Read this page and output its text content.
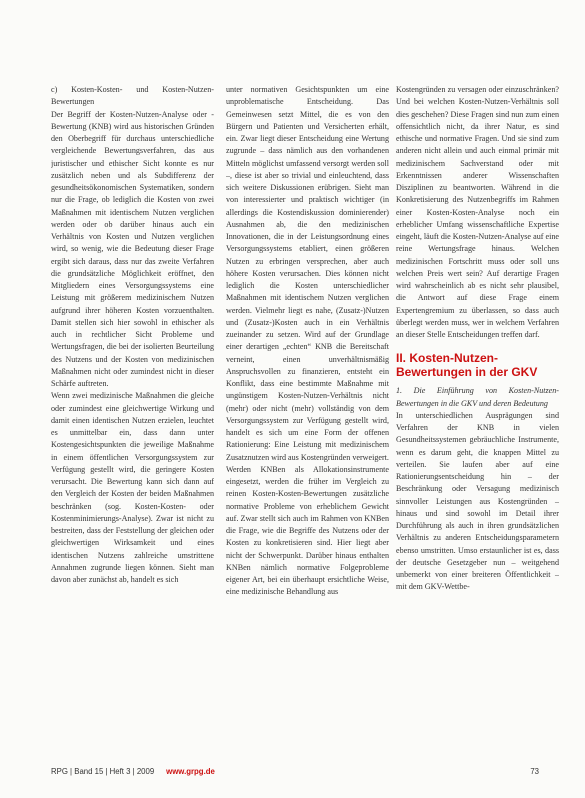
c) Kosten-Kosten- und Kosten-Nutzen-Bewertungen

Der Begriff der Kosten-Nutzen-Analyse oder -Bewertung (KNB) wird aus historischen Gründen den Oberbegriff für durchaus unterschiedliche vergleichende Bewertungsverfahren, das aus juristischer und ethischer Sicht konnte es nur zusätzlich neben und als Subdifferenz der gesundheitsökonomischen Systematiken, sondern nur die Frage, ob lediglich die Kosten von zwei Maßnahmen mit identischem Nutzen verglichen werden oder ob darüber hinaus auch ein Verhältnis von Kosten und Nutzen verglichen wird, so wenig, wie die Bedeutung dieser Frage ergibt sich daraus, dass nur das zweite Verfahren die grundsätzliche Möglichkeit eröffnet, den Mitgliedern eines Versorgungssystems eine Leistung mit größerem medizinischem Nutzen aufgrund ihrer höheren Kosten vorzuenthalten. Damit stellen sich hier sowohl in ethischer als auch in rechtlicher Sicht Probleme und Wertungsfragen, die bei der isolierten Beurteilung des Nutzens und der Kosten von medizinischen Maßnahmen nicht oder zumindest nicht in dieser Schärfe auftreten.

Wenn zwei medizinische Maßnahmen die gleiche oder zumindest eine gleichwertige Wirkung und damit einen identischen Nutzen erzielen, leuchtet es unmittelbar ein, dass dann unter Kostengesichtspunkten die jeweilige Maßnahme in einem öffentlichen Versorgungssystem zur Verfügung gestellt wird, die geringere Kosten verursacht. Die Bewertung kann sich dann auf den Vergleich der Kosten der beiden Maßnahmen beschränken (sog. Kosten-Kosten- oder Kostenminimierungs-Analyse). Zwar ist nicht zu bestreiten, dass der Feststellung der gleichen oder gleichwertigen Wirksamkeit und eines identischen Nutzens zahlreiche umstrittene Annahmen zugrunde liegen können. Sieht man davon aber zunächst ab, handelt es sich

unter normativen Gesichtspunkten um eine unproblematische Entscheidung. Das Gemeinwesen setzt Mittel, die es von den Bürgern und Patienten und Versicherten erhält, ein. Zwar liegt dieser Entscheidung eine Wertung zugrunde – dass nämlich aus den vorhandenen Mitteln möglichst umfassend versorgt werden soll –, diese ist aber so trivial und einleuchtend, dass sich weitere Diskussionen erübrigen. Sieht man von interessierter und praktisch wichtiger (in allerdings die Kostendiskussion dominierender) Ausnahmen ab, die den medizinischen Innovationen, die in der Leistungsordnung eines Versorgungssystems etabliert, einen größeren Nutzen zu erbringen versprechen, aber auch höhere Kosten verursachen. Dies können nicht lediglich die Kosten unterschiedlicher Maßnahmen mit identischem Nutzen verglichen werden. Vielmehr liegt es nahe, (Zusatz-)Nutzen und (Zusatz-)Kosten auch in ein Verhältnis zueinander zu setzen. Wird auf der Grundlage einer derartigen „echten“ KNB die Bereitschaft verneint, einen unverhältnismäßig Anspruchsvollen zu finanzieren, entsteht ein Konflikt, dass eine bestimmte Maßnahme mit ungünstigem Kosten-Nutzen-Verhältnis nicht (mehr) oder nicht (mehr) vollständig von dem Versorgungssystem zur Verfügung gestellt wird, handelt es sich um eine Form der offenen Rationierung: Eine Leistung mit medizinischem Zusatznutzen wird aus Kostengründen verweigert.

Werden KNBen als Allokationsinstrumente eingesetzt, werden die früher im Vergleich zu reinen Kosten-Kosten-Bewertungen zusätzliche normative Probleme von erheblichem Gewicht auf. Zwar stellt sich auch im Rahmen von KNBen die Frage, wie die Begriffe des Nutzens oder der Kosten zu konkretisieren sind. Hier liegt aber nicht der Schwerpunkt. Darüber hinaus enthalten KNBen nämlich normative Folgeprobleme eigener Art, bei ein überhaupt ersichtliche Weise, eine medizinische Behandlung aus

Kostengründen zu versagen oder einzuschränken? Und bei welchen Kosten-Nutzen-Verhältnis soll dies geschehen? Diese Fragen sind nun zum einen offensichtlich nicht, da ihrer Natur, es sind ethische und normative Fragen. Und sie sind zum anderen nicht allein und auch einmal primär mit medizinischem Sachverstand oder mit Erkenntnissen anderer Wissenschaften Disziplinen zu beantworten. Während in die Konkretisierung des Nutzenbegriffs im Rahmen einer Kosten-Kosten-Analyse noch ein erheblicher Umfang wissenschaftliche Expertise eingeht, läuft die Kosten-Nutzen-Analyse auf eine reine Wertungsfrage hinaus. Welchen medizinischen Fortschritt muss oder soll uns welchen Preis wert sein? Auf derartige Fragen wird wahrscheinlich ab es nicht sehr plausibel, die Antwort auf diese Frage einem Expertengremium zu überlassen, so dass auch überlegt werden muss, wer in welchem Verfahren an dieser Stelle Entscheidungen treffen darf.

II. Kosten-Nutzen-Bewertungen in der GKV

1. Die Einführung von Kosten-Nutzen-Bewertungen in die GKV und deren Bedeutung

In unterschiedlichen Ausprägungen sind Verfahren der KNB in vielen Gesundheitssystemen gebräuchliche Instrumente, wenn es darum geht, die knappen Mittel zu verteilen. Sie laufen aber auf eine Rationierungsentscheidung hin – der Beschränkung oder Versagung medizinisch sinnvoller Leistungen aus Kostengründen – hinaus und sind sowohl im Detail ihrer Durchführung als auch in ihren grundsätzlichen Verhältnis zu anderen Entscheidungsparametern ebenso umstritten. Umso erstaunlicher ist es, dass der deutsche Gesetzgeber nun – weitgehend unbemerkt von einer breiteren Öffentlichkeit – mit dem GKV-Wettbe-

RPG | Band 15 | Heft 3 | 2009 www.grpg.de	73
